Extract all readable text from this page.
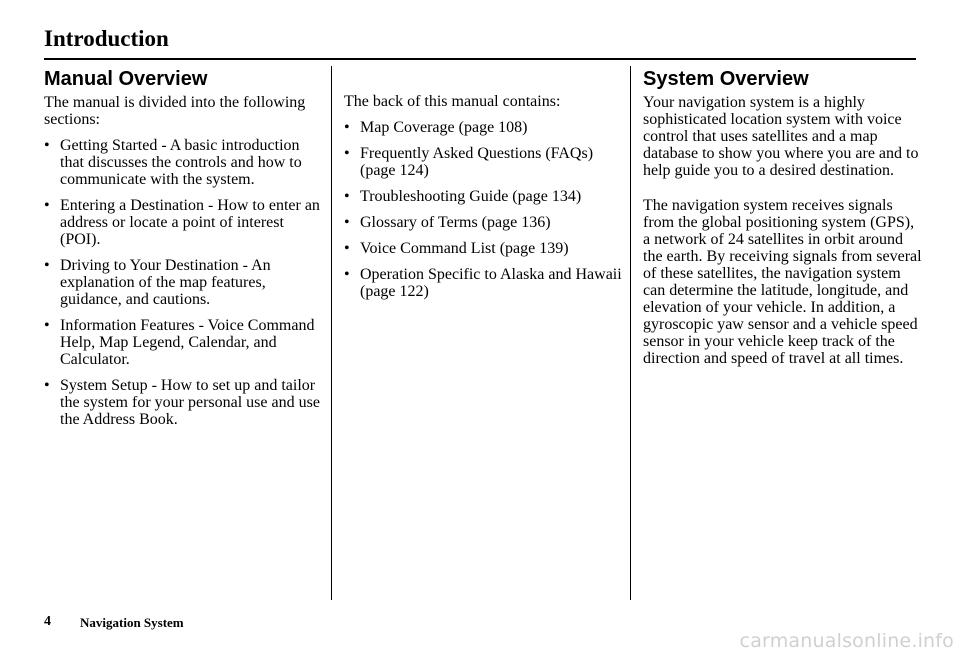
Introduction
Manual Overview

The manual is divided into the following sections:

• Getting Started - A basic introduction that discusses the controls and how to communicate with the system.
• Entering a Destination - How to enter an address or locate a point of interest (POI).
• Driving to Your Destination - An explanation of the map features, guidance, and cautions.
• Information Features - Voice Command Help, Map Legend, Calendar, and Calculator.
• System Setup - How to set up and tailor the system for your personal use and use the Address Book.

The back of this manual contains:

• Map Coverage (page 108)
• Frequently Asked Questions (FAQs) (page 124)
• Troubleshooting Guide (page 134)
• Glossary of Terms (page 136)
• Voice Command List (page 139)
• Operation Specific to Alaska and Hawaii (page 122)
System Overview

Your navigation system is a highly sophisticated location system with voice control that uses satellites and a map database to show you where you are and to help guide you to a desired destination.

The navigation system receives signals from the global positioning system (GPS), a network of 24 satellites in orbit around the earth. By receiving signals from several of these satellites, the navigation system can determine the latitude, longitude, and elevation of your vehicle. In addition, a gyroscopic yaw sensor and a vehicle speed sensor in your vehicle keep track of the direction and speed of travel at all times.

4 Navigation System
carmanualsonline.info
